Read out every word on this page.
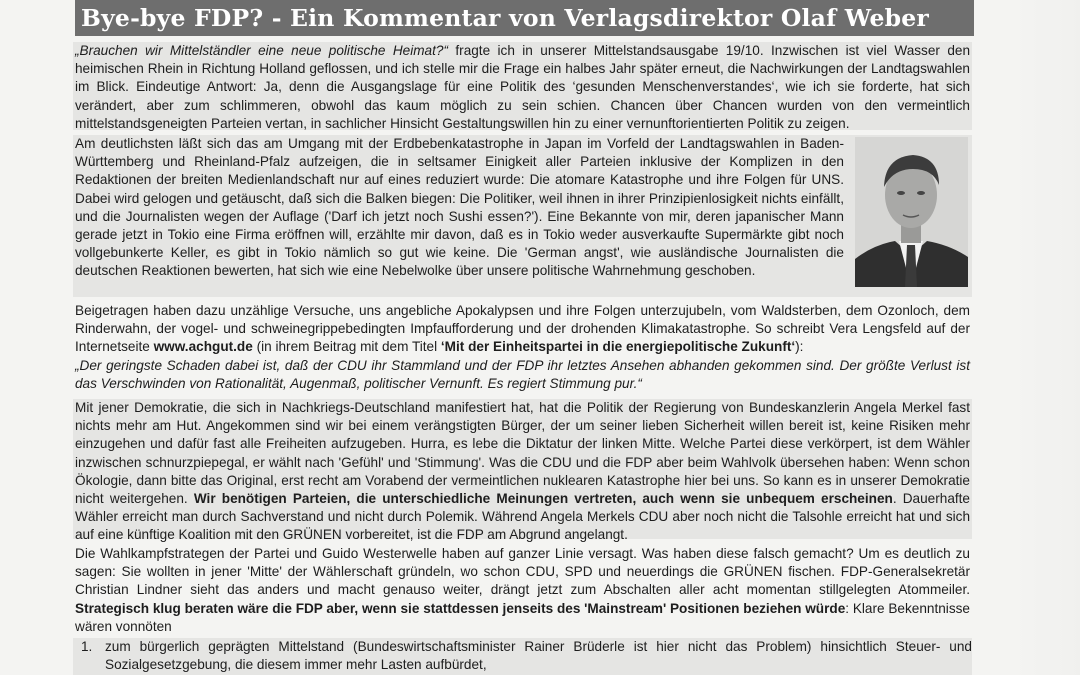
Bye-bye FDP? - Ein Kommentar von Verlagsdirektor Olaf Weber

„Brauchen wir Mittelständler eine neue politische Heimat?“ fragte ich in unserer Mittelstandsausgabe 19/10. Inzwischen ist viel Wasser den heimischen Rhein in Richtung Holland geflossen, und ich stelle mir die Frage ein halbes Jahr später erneut, die Nachwirkungen der Landtagswahlen im Blick. Eindeutige Antwort: Ja, denn die Ausgangslage für eine Politik des ‘gesunden Menschenverstandes‘, wie ich sie forderte, hat sich verändert, aber zum schlimmeren, obwohl das kaum möglich zu sein schien. Chancen über Chancen wurden von den vermeintlich mittelstandsgeneigten Parteien vertan, in sachlicher Hinsicht Gestaltungswillen hin zu einer vernunftorientierten Politik zu zeigen.

Am deutlichsten läßt sich das am Umgang mit der Erdbebenkatastrophe in Japan im Vorfeld der Landtagswahlen in Baden-Württemberg und Rheinland-Pfalz aufzeigen, die in seltsamer Einigkeit aller Parteien inklusive der Komplizen in den Redaktionen der breiten Medienlandschaft nur auf eines reduziert wurde: Die atomare Katastrophe und ihre Folgen für UNS. Dabei wird gelogen und getäuscht, daß sich die Balken biegen: Die Politiker, weil ihnen in ihrer Prinzipienlosigkeit nichts einfällt, und die Journalisten wegen der Auflage ('Darf ich jetzt noch Sushi essen?'). Eine Bekannte von mir, deren japanischer Mann gerade jetzt in Tokio eine Firma eröffnen will, erzählte mir davon, daß es in Tokio weder ausverkaufte Supermärkte gibt noch vollgebunkerte Keller, es gibt in Tokio nämlich so gut wie keine. Die 'German angst', wie ausländische Journalisten die deutschen Reaktionen bewerten, hat sich wie eine Nebelwolke über unsere politische Wahrnehmung geschoben.

Beigetragen haben dazu unzählige Versuche, uns angebliche Apokalypsen und ihre Folgen unterzujubeln, vom Waldsterben, dem Ozonloch, dem Rinderwahn, der vogel- und schweinegrippebedingten Impfaufforderung und der drohenden Klimakatastrophe. So schreibt Vera Lengsfeld auf der Internetseite www.achgut.de (in ihrem Beitrag mit dem Titel ‘Mit der Einheitspartei in die energiepolitische Zukunft‘):
„Der geringste Schaden dabei ist, daß der CDU ihr Stammland und der FDP ihr letztes Ansehen abhanden gekommen sind. Der größte Verlust ist das Verschwinden von Rationalität, Augenmaß, politischer Vernunft. Es regiert Stimmung pur.“

Mit jener Demokratie, die sich in Nachkriegs-Deutschland manifestiert hat, hat die Politik der Regierung von Bundeskanzlerin Angela Merkel fast nichts mehr am Hut. Angekommen sind wir bei einem verängstigten Bürger, der um seiner lieben Sicherheit willen bereit ist, keine Risiken mehr einzugehen und dafür fast alle Freiheiten aufzugeben. Hurra, es lebe die Diktatur der linken Mitte. Welche Partei diese verkörpert, ist dem Wähler inzwischen schnurzpiepegal, er wählt nach 'Gefühl' und 'Stimmung'. Was die CDU und die FDP aber beim Wahlvolk übersehen haben: Wenn schon Ökologie, dann bitte das Original, erst recht am Vorabend der vermeintlichen nuklearen Katastrophe hier bei uns. So kann es in unserer Demokratie nicht weitergehen. Wir benötigen Parteien, die unterschiedliche Meinungen vertreten, auch wenn sie unbequem erscheinen. Dauerhafte Wähler erreicht man durch Sachverstand und nicht durch Polemik. Während Angela Merkels CDU aber noch nicht die Talsohle erreicht hat und sich auf eine künftige Koalition mit den GRÜNEN vorbereitet, ist die FDP am Abgrund angelangt.

Die Wahlkampfstrategen der Partei und Guido Westerwelle haben auf ganzer Linie versagt. Was haben diese falsch gemacht? Um es deutlich zu sagen: Sie wollten in jener 'Mitte' der Wählerschaft gründeln, wo schon CDU, SPD und neuerdings die GRÜNEN fischen. FDP-Generalsekretär Christian Lindner sieht das anders und macht genauso weiter, drängt jetzt zum Abschalten aller acht momentan stillgelegten Atommeiler. Strategisch klug beraten wäre die FDP aber, wenn sie stattdessen jenseits des 'Mainstream' Positionen beziehen würde: Klare Bekenntnisse wären vonnöten

1. zum bürgerlich geprägten Mittelstand (Bundeswirtschaftsminister Rainer Brüderle ist hier nicht das Problem) hinsichtlich Steuer- und Sozialgesetzgebung, die diesem immer mehr Lasten aufbürdet,
